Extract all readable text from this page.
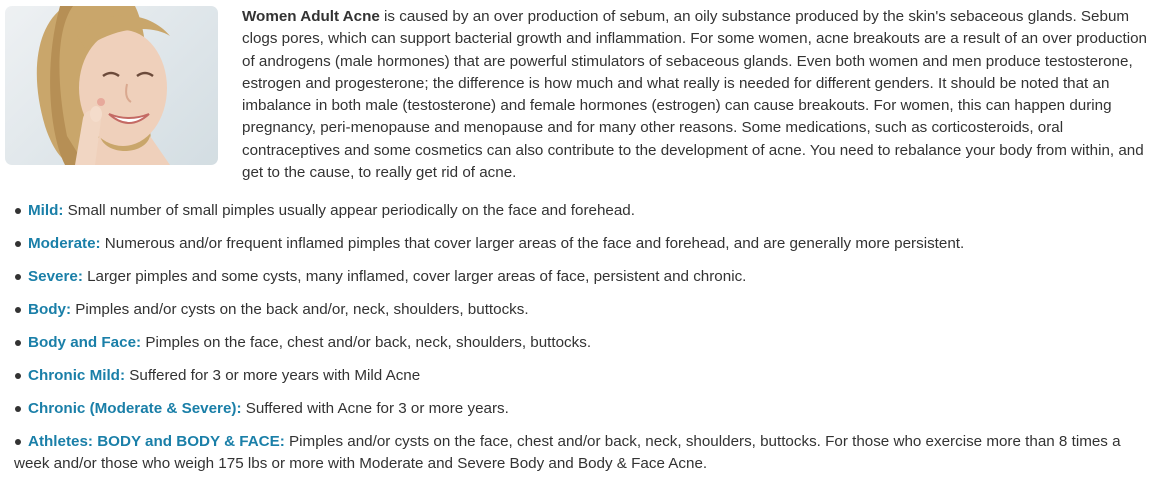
Women Adult Acne is caused by an over production of sebum, an oily substance produced by the skin's sebaceous glands. Sebum clogs pores, which can support bacterial growth and inflammation. For some women, acne breakouts are a result of an over production of androgens (male hormones) that are powerful stimulators of sebaceous glands. Even both women and men produce testosterone, estrogen and progesterone; the difference is how much and what really is needed for different genders. It should be noted that an imbalance in both male (testosterone) and female hormones (estrogen) can cause breakouts. For women, this can happen during pregnancy, peri-menopause and menopause and for many other reasons. Some medications, such as corticosteroids, oral contraceptives and some cosmetics can also contribute to the development of acne. You need to rebalance your body from within, and get to the cause, to really get rid of acne.

Mild: Small number of small pimples usually appear periodically on the face and forehead.
Moderate: Numerous and/or frequent inflamed pimples that cover larger areas of the face and forehead, and are generally more persistent.
Severe: Larger pimples and some cysts, many inflamed, cover larger areas of face, persistent and chronic.
Body: Pimples and/or cysts on the back and/or, neck, shoulders, buttocks.
Body and Face: Pimples on the face, chest and/or back, neck, shoulders, buttocks.
Chronic Mild: Suffered for 3 or more years with Mild Acne
Chronic (Moderate & Severe): Suffered with Acne for 3 or more years.
Athletes: BODY and BODY & FACE: Pimples and/or cysts on the face, chest and/or back, neck, shoulders, buttocks. For those who exercise more than 8 times a week and/or those who weigh 175 lbs or more with Moderate and Severe Body and Body & Face Acne.
